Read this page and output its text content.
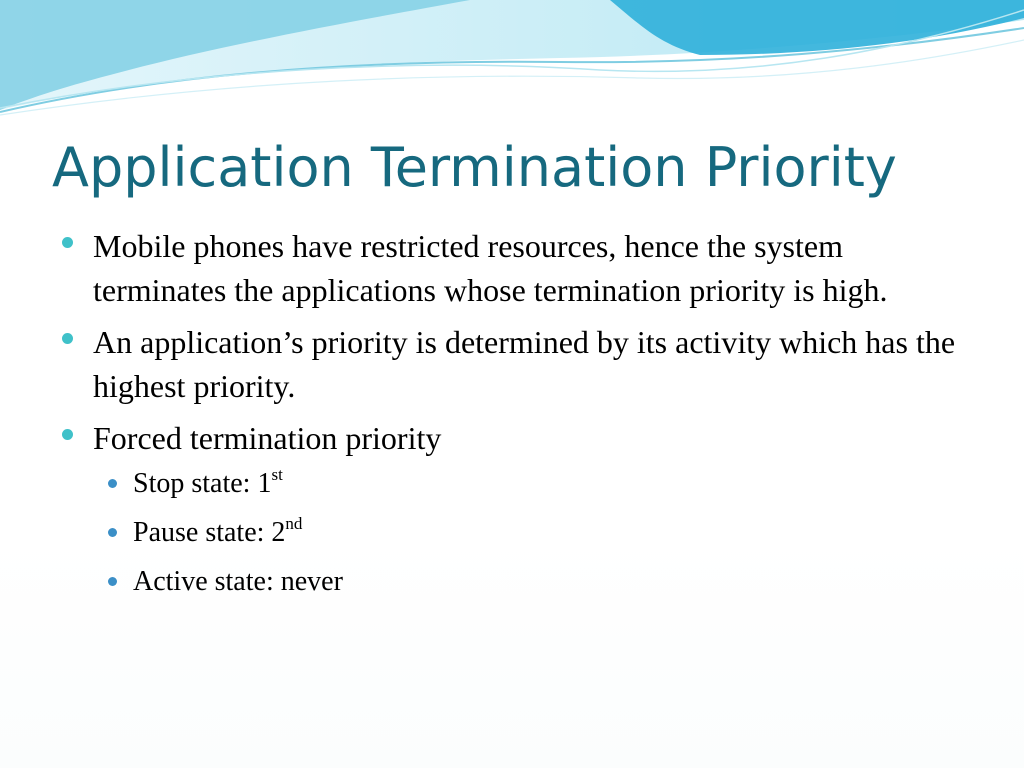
Application Termination Priority
Mobile phones have restricted resources, hence the system terminates the applications whose termination priority is high.
An application’s priority is determined by its activity which has the highest priority.
Forced termination priority
Stop state: 1st
Pause state: 2nd
Active state: never
